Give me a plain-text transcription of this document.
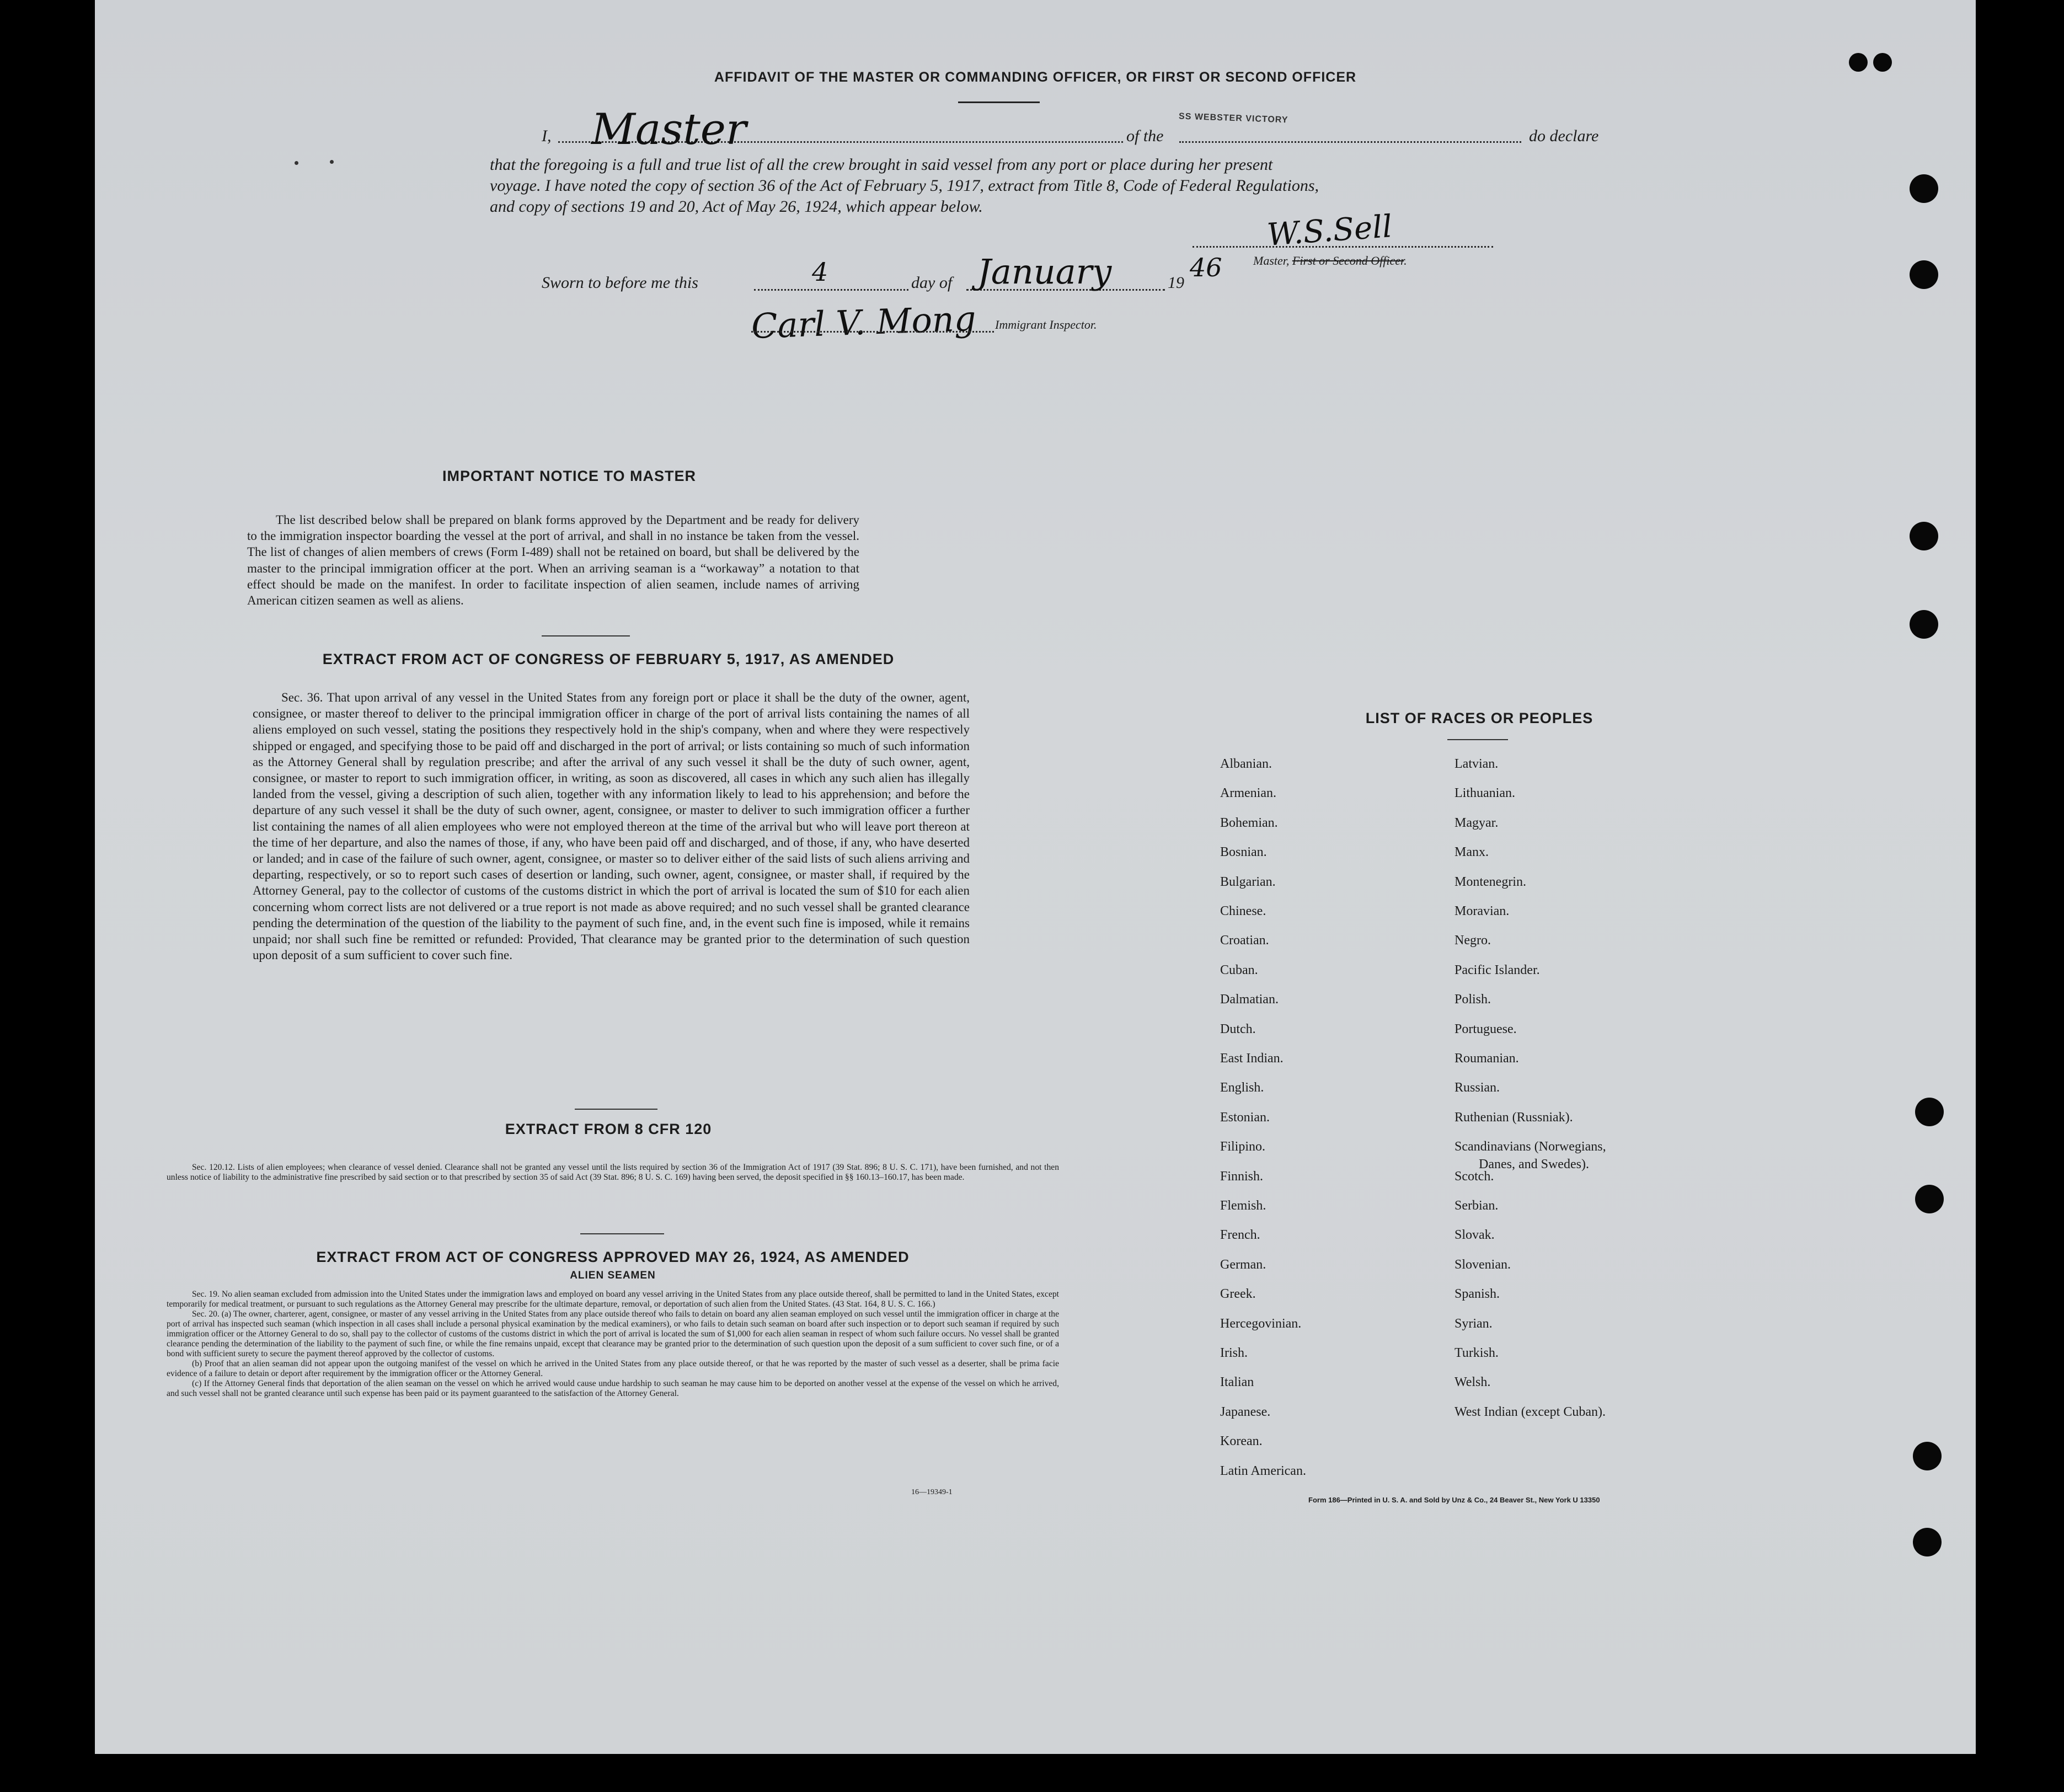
AFFIDAVIT OF THE MASTER OR COMMANDING OFFICER, OR FIRST OR SECOND OFFICER
I, Master	of the
SS WEBSTER VICTORY
do declare
that the foregoing is a full and true list of all the crew brought in said vessel from any port or place during her present
voyage. I have noted the copy of section 36 of the Act of February 5, 1917, extract from Title 8, Code of Federal Regulations,
and copy of sections 19 and 20, Act of May 26, 1924, which appear below.
W.S.Sell
Master, First or Second Officer.
Sworn to before me this	4	day of January	19
46
Carl V. Mong Immigrant Inspector.
IMPORTANT NOTICE TO MASTER
The list described below shall be prepared on blank forms approved by the Department and be ready for delivery to the immigration inspector boarding the vessel at the port of arrival, and shall in no instance be taken from the vessel. The list of changes of alien members of crews (Form I-489) shall not be retained on board, but shall be delivered by the master to the principal immigration officer at the port. When an arriving seaman is a “workaway” a notation to that effect should be made on the manifest. In order to facilitate inspection of alien seamen, include names of arriving American citizen seamen as well as aliens.
EXTRACT FROM ACT OF CONGRESS OF FEBRUARY 5, 1917, AS AMENDED
Sec. 36. That upon arrival of any vessel in the United States from any foreign port or place it shall be the duty of the owner, agent, consignee, or master thereof to deliver to the principal immigration officer in charge of the port of arrival lists containing the names of all aliens employed on such vessel, stating the positions they respectively hold in the ship's company, when and where they were respectively shipped or engaged, and specifying those to be paid off and discharged in the port of arrival; or lists containing so much of such information as the Attorney General shall by regulation prescribe; and after the arrival of any such vessel it shall be the duty of such owner, agent, consignee, or master to report to such immigration officer, in writing, as soon as discovered, all cases in which any such alien has illegally landed from the vessel, giving a description of such alien, together with any information likely to lead to his apprehension; and before the departure of any such vessel it shall be the duty of such owner, agent, consignee, or master to deliver to such immigration officer a further list containing the names of all alien employees who were not employed thereon at the time of the arrival but who will leave port thereon at the time of her departure, and also the names of those, if any, who have been paid off and discharged, and of those, if any, who have deserted or landed; and in case of the failure of such owner, agent, consignee, or master so to deliver either of the said lists of such aliens arriving and departing, respectively, or so to report such cases of desertion or landing, such owner, agent, consignee, or master shall, if required by the Attorney General, pay to the collector of customs of the customs district in which the port of arrival is located the sum of $10 for each alien concerning whom correct lists are not delivered or a true report is not made as above required; and no such vessel shall be granted clearance pending the determination of the question of the liability to the payment of such fine, and, in the event such fine is imposed, while it remains unpaid; nor shall such fine be remitted or refunded: Provided, That clearance may be granted prior to the determination of such question upon deposit of a sum sufficient to cover such fine.
EXTRACT FROM 8 CFR 120
Sec. 120.12. Lists of alien employees; when clearance of vessel denied. Clearance shall not be granted any vessel until the lists required by section 36 of the Immigration Act of 1917 (39 Stat. 896; 8 U. S. C. 171), have been furnished, and not then unless notice of liability to the administrative fine prescribed by said section or to that prescribed by section 35 of said Act (39 Stat. 896; 8 U. S. C. 169) having been served, the deposit specified in §§ 160.13–160.17, has been made.
EXTRACT FROM ACT OF CONGRESS APPROVED MAY 26, 1924, AS AMENDED
ALIEN SEAMEN
Sec. 19. No alien seaman excluded from admission into the United States under the immigration laws and employed on board any vessel arriving in the United States from any place outside thereof, shall be permitted to land in the United States, except temporarily for medical treatment, or pursuant to such regulations as the Attorney General may prescribe for the ultimate departure, removal, or deportation of such alien from the United States. (43 Stat. 164, 8 U. S. C. 166.)
Sec. 20. (a) The owner, charterer, agent, consignee, or master of any vessel arriving in the United States from any place outside thereof who fails to detain on board any alien seaman employed on such vessel until the immigration officer in charge at the port of arrival has inspected such seaman (which inspection in all cases shall include a personal physical examination by the medical examiners), or who fails to detain such seaman on board after such inspection or to deport such seaman if required by such immigration officer or the Attorney General to do so, shall pay to the collector of customs of the customs district in which the port of arrival is located the sum of $1,000 for each alien seaman in respect of whom such failure occurs. No vessel shall be granted clearance pending the determination of the liability to the payment of such fine, or while the fine remains unpaid, except that clearance may be granted prior to the determination of such question upon the deposit of a sum sufficient to cover such fine, or of a bond with sufficient surety to secure the payment thereof approved by the collector of customs.
(b) Proof that an alien seaman did not appear upon the outgoing manifest of the vessel on which he arrived in the United States from any place outside thereof, or that he was reported by the master of such vessel as a deserter, shall be prima facie evidence of a failure to detain or deport after requirement by the immigration officer or the Attorney General.
(c) If the Attorney General finds that deportation of the alien seaman on the vessel on which he arrived would cause undue hardship to such seaman he may cause him to be deported on another vessel at the expense of the vessel on which he arrived, and such vessel shall not be granted clearance until such expense has been paid or its payment guaranteed to the satisfaction of the Attorney General.
16—19349-1
LIST OF RACES OR PEOPLES
Albanian.
Armenian.
Bohemian.
Bosnian.
Bulgarian.
Chinese.
Croatian.
Cuban.
Dalmatian.
Dutch.
East Indian.
English.
Estonian.
Filipino.
Finnish.
Flemish.
French.
German.
Greek.
Hercegovinian.
Irish.
Italian
Japanese.
Korean.
Latin American.
Latvian.
Lithuanian.
Magyar.
Manx.
Montenegrin.
Moravian.
Negro.
Pacific Islander.
Polish.
Portuguese.
Roumanian.
Russian.
Ruthenian (Russniak).
Scandinavians (Norwegians,
Danes, and Swedes).
Scotch.
Serbian.
Slovak.
Slovenian.
Spanish.
Syrian.
Turkish.
Welsh.
West Indian (except Cuban).
Form 186—Printed in U. S. A. and Sold by Unz & Co., 24 Beaver St., New York U 13350
